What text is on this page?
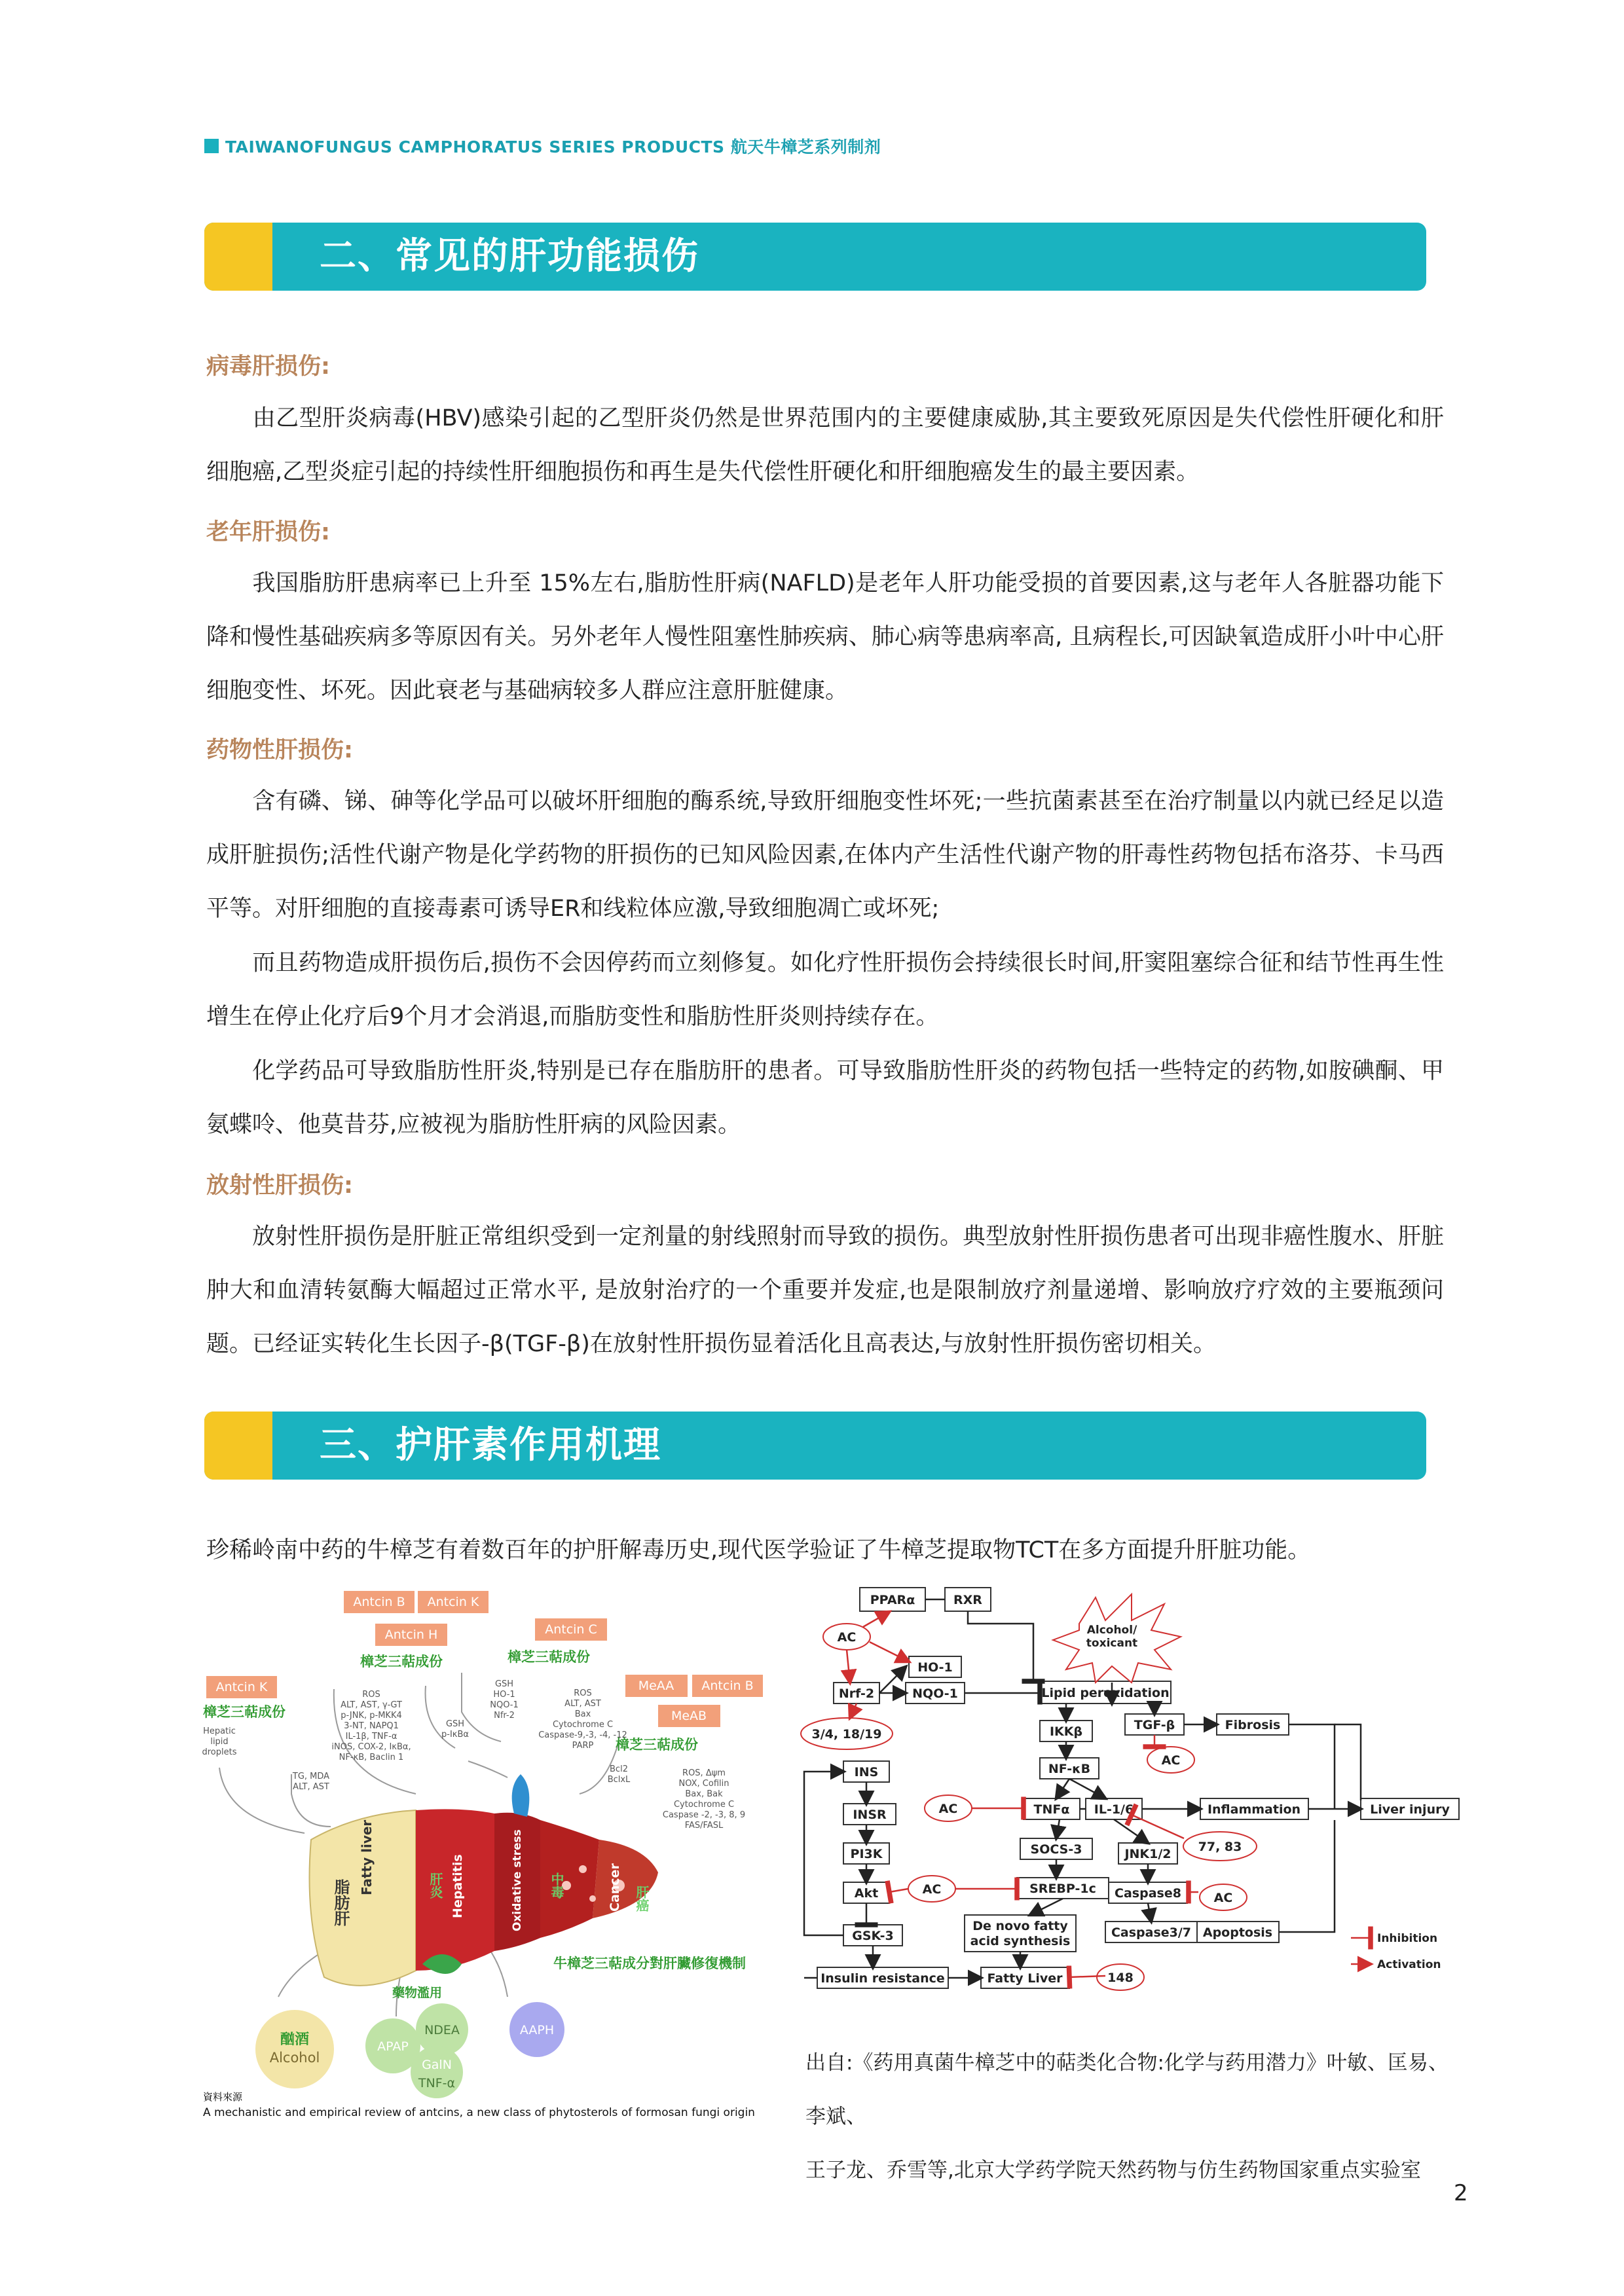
TAIWANOFUNGUS CAMPHORATUS SERIES PRODUCTS 航天牛樟芝系列制剂
二、常见的肝功能损伤
病毒肝损伤:

由乙型肝炎病毒(HBV)感染引起的乙型肝炎仍然是世界范围内的主要健康威胁,其主要致死原因是失代偿性肝硬化和肝细胞癌,乙型炎症引起的持续性肝细胞损伤和再生是失代偿性肝硬化和肝细胞癌发生的最主要因素。

老年肝损伤:

我国脂肪肝患病率已上升至 15%左右,脂肪性肝病(NAFLD)是老年人肝功能受损的首要因素,这与老年人各脏器功能下降和慢性基础疾病多等原因有关。另外老年人慢性阻塞性肺疾病、肺心病等患病率高, 且病程长,可因缺氧造成肝小叶中心肝细胞变性、坏死。因此衰老与基础病较多人群应注意肝脏健康。

药物性肝损伤:

含有磷、锑、砷等化学品可以破坏肝细胞的酶系统,导致肝细胞变性坏死;一些抗菌素甚至在治疗制量以内就已经足以造成肝脏损伤;活性代谢产物是化学药物的肝损伤的已知风险因素,在体内产生活性代谢产物的肝毒性药物包括布洛芬、卡马西平等。对肝细胞的直接毒素可诱导ER和线粒体应激,导致细胞凋亡或坏死;

而且药物造成肝损伤后,损伤不会因停药而立刻修复。如化疗性肝损伤会持续很长时间,肝窦阻塞综合征和结节性再生性增生在停止化疗后9个月才会消退,而脂肪变性和脂肪性肝炎则持续存在。

化学药品可导致脂肪性肝炎,特别是已存在脂肪肝的患者。可导致脂肪性肝炎的药物包括一些特定的药物,如胺碘酮、甲氨蝶呤、他莫昔芬,应被视为脂肪性肝病的风险因素。

放射性肝损伤:

放射性肝损伤是肝脏正常组织受到一定剂量的射线照射而导致的损伤。典型放射性肝损伤患者可出现非癌性腹水、肝脏肿大和血清转氨酶大幅超过正常水平, 是放射治疗的一个重要并发症,也是限制放疗剂量递增、影响放疗疗效的主要瓶颈问题。已经证实转化生长因子-β(TGF-β)在放射性肝损伤显着活化且高表达,与放射性肝损伤密切相关。

三、护肝素作用机理
珍稀岭南中药的牛樟芝有着数百年的护肝解毒历史,现代医学验证了牛樟芝提取物TCT在多方面提升肝脏功能。
Antcin B Antcin K
Antcin H
Antcin K
Antcin C
MeAA Antcin B
MeAB
樟芝三萜成份	樟芝三萜成份
樟芝三萜成份
樟芝三萜成份
Hepatic
lipid
droplets
TG, MDA
ALT, AST
ROS
ALT, AST, γ-GT
p-JNK, p-MKK4
3-NT, NAPQ1
IL-1β, TNF-α
iNOS, COX-2, IκBα,
NF-κB, Baclin 1
GSH
p-IκBα
GSH
HO-1
NQO-1
Nfr-2
ROS
ALT, AST
Bax
Cytochrome C
Caspase-9,-3, -4, -12
PARP
Bcl2
BclxL
ROS, Δψm
NOX, Cofilin
Bax, Bak
Cytochrome C
Caspase -2, -3, 8, 9
FAS/FASL
脂肪肝
Fatty liver	Hepatitis
肝炎	Oxidative stress 中毒	Cancer 肝癌
牛樟芝三萜成分對肝臟修復機制
酗酒
Alcohol
藥物濫用
APAP
NDEA
GalN
TNF-α
AAPH
資料來源
A mechanistic and empirical review of antcins, a new class of phytosterols of formosan fungi origin
PPARα	RXR
AC
HO-1
Nrf-2	NQO-1
Alcohol/
toxicant
Lipid peroxidation
3/4, 18/19	IKKβ	TGF-β	Fibrosis
NF-κB
AC
INS
AC	TNFα IL-1/6	Inflammation	Liver injury
INSR
SOCS-3	JNK1/2 77, 83
PI3K
AC	SREBP-1c Caspase8	AC
Akt
De novo fatty
acid synthesis
Caspase3/7 Apoptosis
GSK-3
Insulin resistance	Fatty Liver	148
Inhibition
Activation
出自:《药用真菌牛樟芝中的萜类化合物:化学与药用潜力》叶敏、匡易、李斌、
王子龙、乔雪等,北京大学药学院天然药物与仿生药物国家重点实验室
2
